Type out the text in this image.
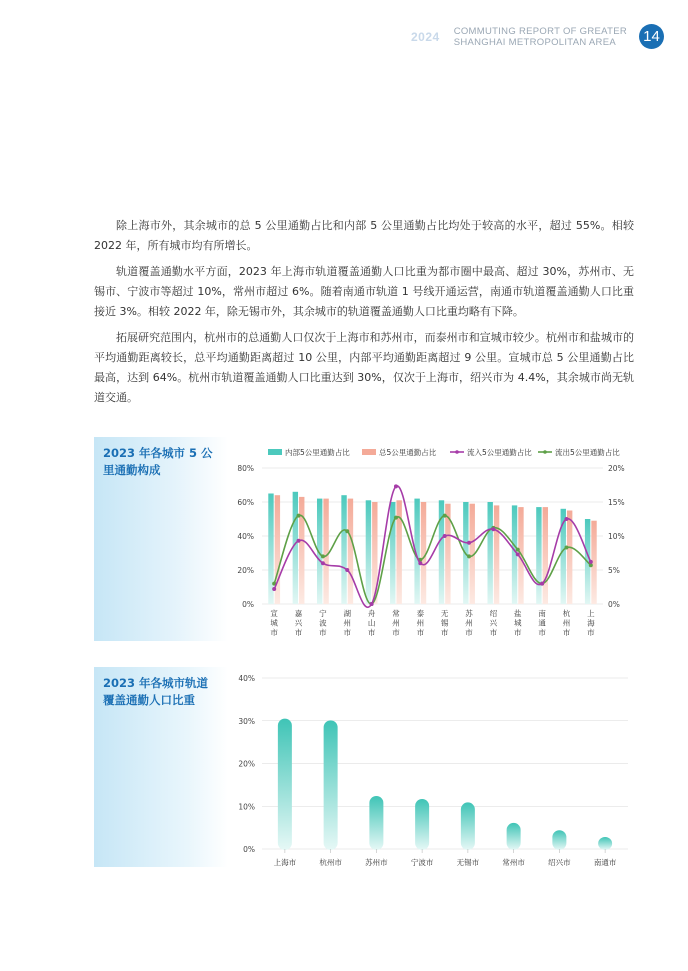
2024 COMMUTING REPORT OF GREATER
SHANGHAI METROPOLITAN AREA	14

除上海市外，其余城市的总 5 公里通勤占比和内部 5 公里通勤占比均处于较高的水平，超过 55%。相较 2022 年，所有城市均有所增长。

轨道覆盖通勤水平方面，2023 年上海市轨道覆盖通勤人口比重为都市圈中最高、超过 30%，苏州市、无锡市、宁波市等超过 10%，常州市超过 6%。随着南通市轨道 1 号线开通运营，南通市轨道覆盖通勤人口比重接近 3%。相较 2022 年，除无锡市外，其余城市的轨道覆盖通勤人口比重均略有下降。

拓展研究范围内，杭州市的总通勤人口仅次于上海市和苏州市，而泰州市和宣城市较少。杭州市和盐城市的平均通勤距离较长，总平均通勤距离超过 10 公里，内部平均通勤距离超过 9 公里。宣城市总 5 公里通勤占比最高，达到 64%。杭州市轨道覆盖通勤人口比重达到 30%，仅次于上海市，绍兴市为 4.4%，其余城市尚无轨道交通。

2023 年各城市 5 公里通勤构成
2023 年各城市轨道覆盖通勤人口比重
内部5公里通勤占比	总5公里通勤占比	流入5公里通勤占比	流出5公里通勤占比
0%
20%
40%
60%
80%
0%
5%
10%
15%
20%
宣城市
嘉兴市
宁波市
湖州市
舟山市
常州市
泰州市
无锡市
苏州市
绍兴市
盐城市
南通市
杭州市
上海市
0%
10%
20%
30%
40%
上海市	杭州市	苏州市	宁波市	无锡市	常州市	绍兴市	南通市
